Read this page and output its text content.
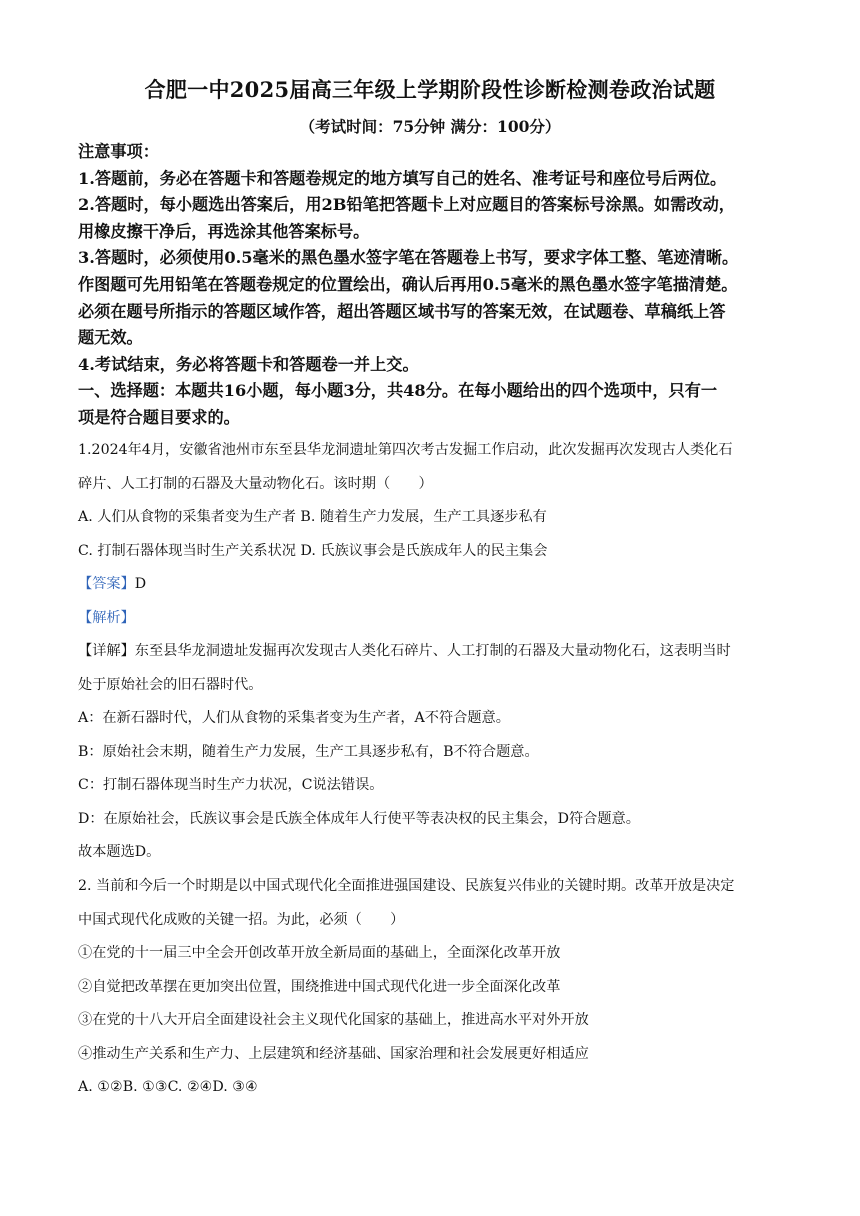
合肥一中2025届高三年级上学期阶段性诊断检测卷政治试题
（考试时间：75分钟 满分：100分）
注意事项：
1.答题前，务必在答题卡和答题卷规定的地方填写自己的姓名、准考证号和座位号后两位。
2.答题时，每小题选出答案后，用2B铅笔把答题卡上对应题目的答案标号涂黑。如需改动，
用橡皮擦干净后，再选涂其他答案标号。
3.答题时，必须使用0.5毫米的黑色墨水签字笔在答题卷上书写，要求字体工整、笔迹清晰。
作图题可先用铅笔在答题卷规定的位置绘出，确认后再用0.5毫米的黑色墨水签字笔描清楚。
必须在题号所指示的答题区域作答，超出答题区域书写的答案无效，在试题卷、草稿纸上答
题无效。
4.考试结束，务必将答题卡和答题卷一并上交。
一、选择题：本题共16小题，每小题3分，共48分。在每小题给出的四个选项中，只有一
项是符合题目要求的。
1.2024年4月，安徽省池州市东至县华龙洞遗址第四次考古发掘工作启动，此次发掘再次发现古人类化石
碎片、人工打制的石器及大量动物化石。该时期（　　）
A. 人们从食物的采集者变为生产者 B. 随着生产力发展，生产工具逐步私有
C. 打制石器体现当时生产关系状况 D. 氏族议事会是氏族成年人的民主集会
【答案】D
【解析】
【详解】东至县华龙洞遗址发掘再次发现古人类化石碎片、人工打制的石器及大量动物化石，这表明当时
处于原始社会的旧石器时代。
A：在新石器时代，人们从食物的采集者变为生产者，A不符合题意。
B：原始社会末期，随着生产力发展，生产工具逐步私有，B不符合题意。
C：打制石器体现当时生产力状况，C说法错误。
D：在原始社会，氏族议事会是氏族全体成年人行使平等表决权的民主集会，D符合题意。
故本题选D。
2. 当前和今后一个时期是以中国式现代化全面推进强国建设、民族复兴伟业的关键时期。改革开放是决定
中国式现代化成败的关键一招。为此，必须（　　）
①在党的十一届三中全会开创改革开放全新局面的基础上，全面深化改革开放
②自觉把改革摆在更加突出位置，围绕推进中国式现代化进一步全面深化改革
③在党的十八大开启全面建设社会主义现代化国家的基础上，推进高水平对外开放
④推动生产关系和生产力、上层建筑和经济基础、国家治理和社会发展更好相适应
A. ①②B. ①③C. ②④D. ③④
